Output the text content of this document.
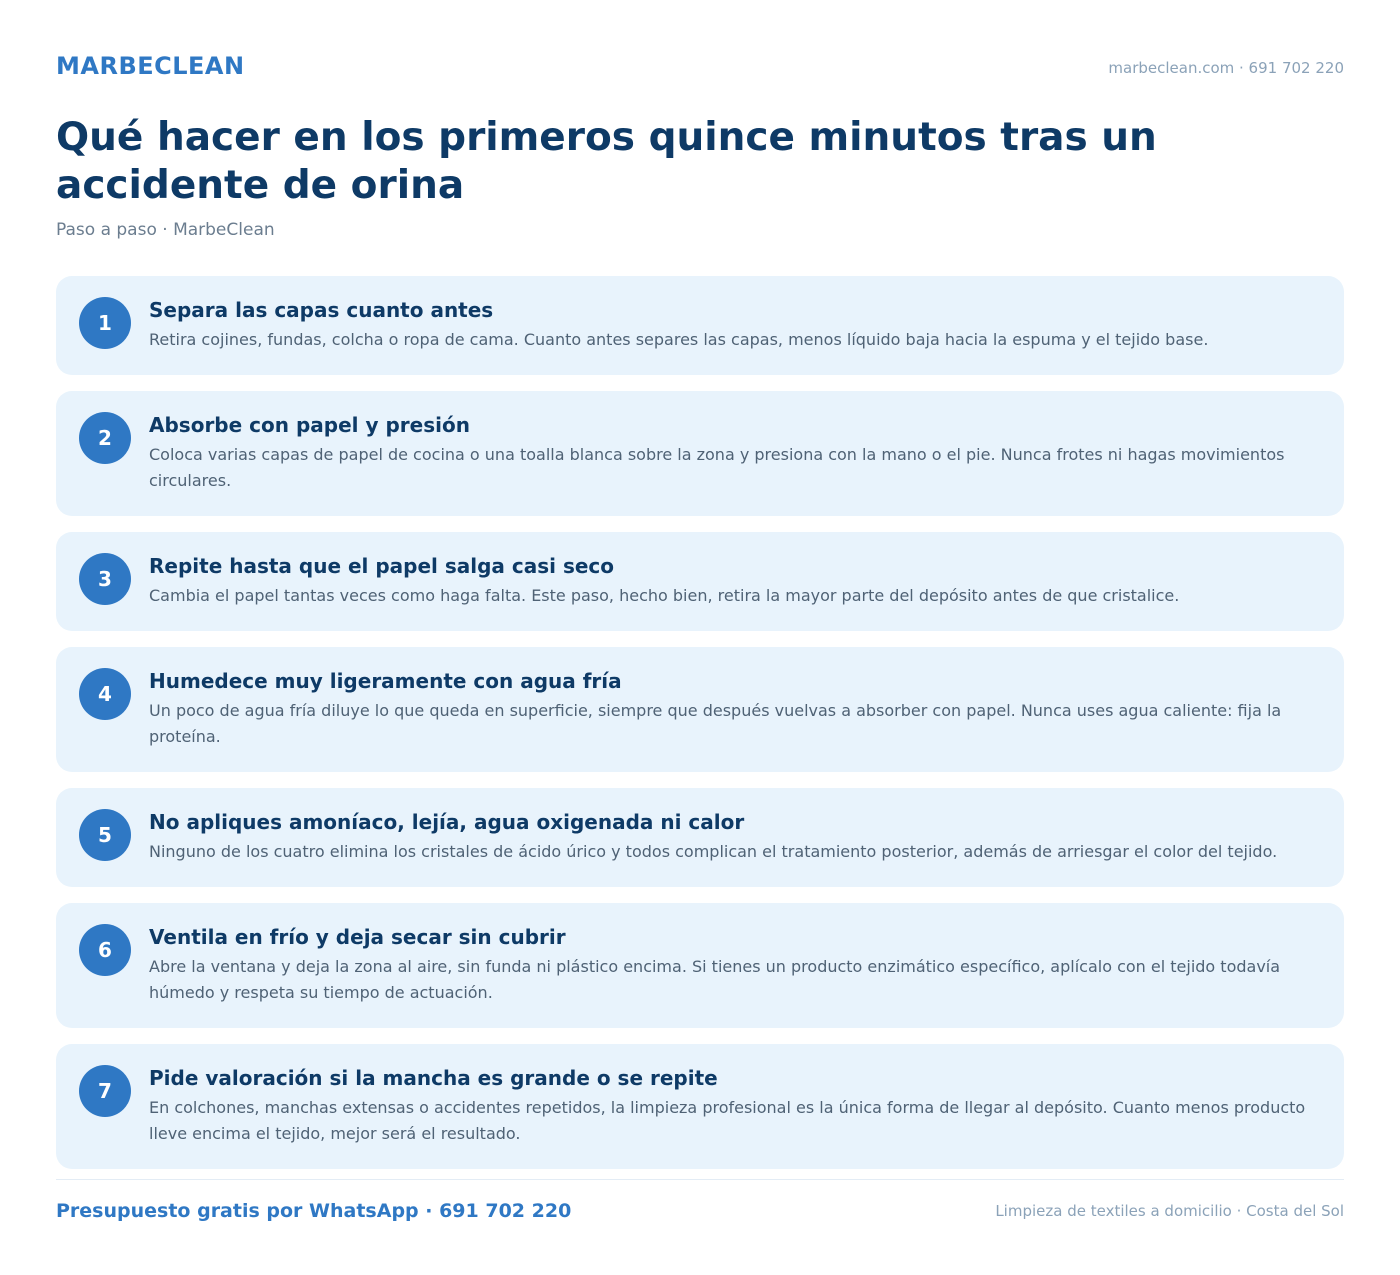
MARBECLEAN	marbeclean.com · 691 702 220
Qué hacer en los primeros quince minutos tras un accidente de orina
Paso a paso · MarbeClean
1
Separa las capas cuanto antes
Retira cojines, fundas, colcha o ropa de cama. Cuanto antes separes las capas, menos líquido baja hacia la espuma y el tejido base.
2
Absorbe con papel y presión
Coloca varias capas de papel de cocina o una toalla blanca sobre la zona y presiona con la mano o el pie. Nunca frotes ni hagas movimientos circulares.
3
Repite hasta que el papel salga casi seco
Cambia el papel tantas veces como haga falta. Este paso, hecho bien, retira la mayor parte del depósito antes de que cristalice.
4
Humedece muy ligeramente con agua fría
Un poco de agua fría diluye lo que queda en superficie, siempre que después vuelvas a absorber con papel. Nunca uses agua caliente: fija la proteína.
5
No apliques amoníaco, lejía, agua oxigenada ni calor
Ninguno de los cuatro elimina los cristales de ácido úrico y todos complican el tratamiento posterior, además de arriesgar el color del tejido.
6
Ventila en frío y deja secar sin cubrir
Abre la ventana y deja la zona al aire, sin funda ni plástico encima. Si tienes un producto enzimático específico, aplícalo con el tejido todavía húmedo y respeta su tiempo de actuación.
7
Pide valoración si la mancha es grande o se repite
En colchones, manchas extensas o accidentes repetidos, la limpieza profesional es la única forma de llegar al depósito. Cuanto menos producto lleve encima el tejido, mejor será el resultado.
Presupuesto gratis por WhatsApp · 691 702 220	Limpieza de textiles a domicilio · Costa del Sol
